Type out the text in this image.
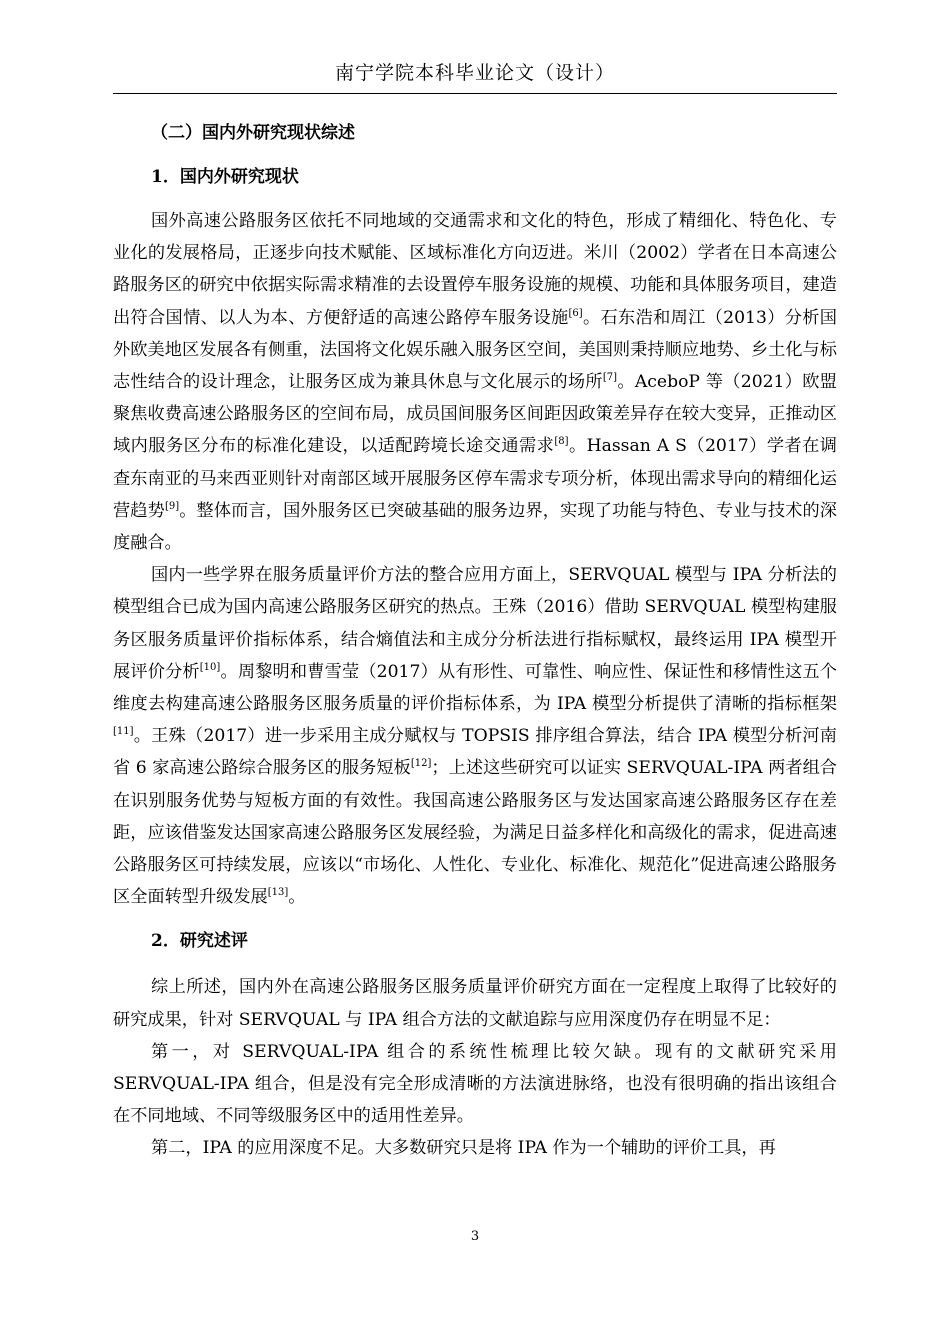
南宁学院本科毕业论文（设计）
（二）国内外研究现状综述
1．国内外研究现状

国外高速公路服务区依托不同地域的交通需求和文化的特色，形成了精细化、特色化、专业化的发展格局，正逐步向技术赋能、区域标准化方向迈进。米川（2002）学者在日本高速公路服务区的研究中依据实际需求精准的去设置停车服务设施的规模、功能和具体服务项目，建造出符合国情、以人为本、方便舒适的高速公路停车服务设施[6]。石东浩和周江（2013）分析国外欧美地区发展各有侧重，法国将文化娱乐融入服务区空间，美国则秉持顺应地势、乡土化与标志性结合的设计理念，让服务区成为兼具休息与文化展示的场所[7]。AceboP 等（2021）欧盟聚焦收费高速公路服务区的空间布局，成员国间服务区间距因政策差异存在较大变异，正推动区域内服务区分布的标准化建设，以适配跨境长途交通需求[8]。Hassan A S（2017）学者在调查东南亚的马来西亚则针对南部区域开展服务区停车需求专项分析，体现出需求导向的精细化运营趋势[9]。整体而言，国外服务区已突破基础的服务边界，实现了功能与特色、专业与技术的深度融合。

国内一些学界在服务质量评价方法的整合应用方面上，SERVQUAL 模型与 IPA 分析法的模型组合已成为国内高速公路服务区研究的热点。王殊（2016）借助 SERVQUAL 模型构建服务区服务质量评价指标体系，结合熵值法和主成分分析法进行指标赋权，最终运用 IPA 模型开展评价分析[10]。周黎明和曹雪莹（2017）从有形性、可靠性、响应性、保证性和移情性这五个维度去构建高速公路服务区服务质量的评价指标体系，为 IPA 模型分析提供了清晰的指标框架[11]。王殊（2017）进一步采用主成分赋权与 TOPSIS 排序组合算法，结合 IPA 模型分析河南省 6 家高速公路综合服务区的服务短板[12]；上述这些研究可以证实 SERVQUAL-IPA 两者组合在识别服务优势与短板方面的有效性。我国高速公路服务区与发达国家高速公路服务区存在差距，应该借鉴发达国家高速公路服务区发展经验，为满足日益多样化和高级化的需求，促进高速公路服务区可持续发展，应该以“市场化、人性化、专业化、标准化、规范化”促进高速公路服务区全面转型升级发展[13]。

2．研究述评

综上所述，国内外在高速公路服务区服务质量评价研究方面在一定程度上取得了比较好的研究成果，针对 SERVQUAL 与 IPA 组合方法的文献追踪与应用深度仍存在明显不足：

第一，对 SERVQUAL-IPA 组合的系统性梳理比较欠缺。现有的文献研究采用 SERVQUAL-IPA 组合，但是没有完全形成清晰的方法演进脉络，也没有很明确的指出该组合在不同地域、不同等级服务区中的适用性差异。

第二，IPA 的应用深度不足。大多数研究只是将 IPA 作为一个辅助的评价工具，再

3
